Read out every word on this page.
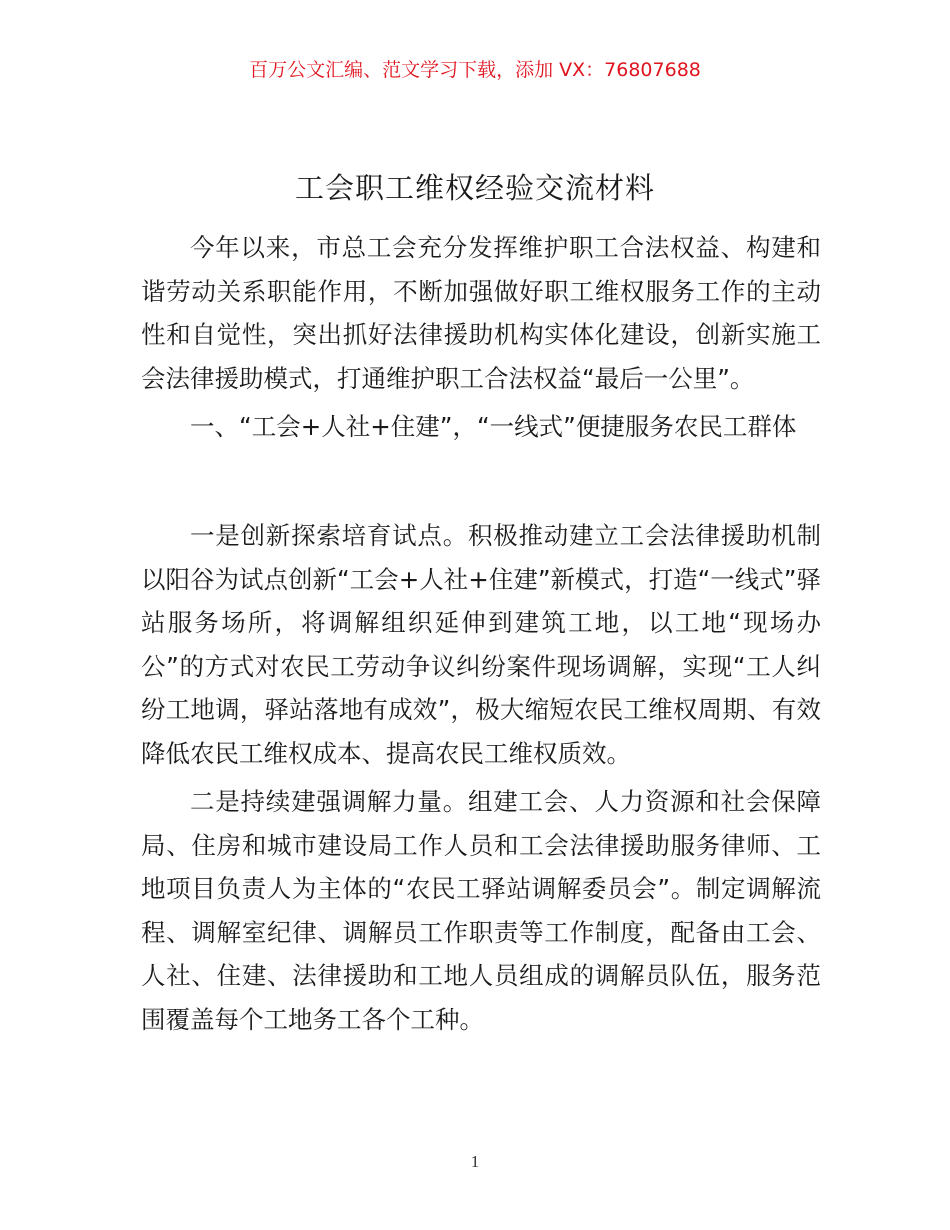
百万公文汇编、范文学习下载，添加 VX：76807688
工会职工维权经验交流材料

今年以来，市总工会充分发挥维护职工合法权益、构建和谐劳动关系职能作用，不断加强做好职工维权服务工作的主动性和自觉性，突出抓好法律援助机构实体化建设，创新实施工会法律援助模式，打通维护职工合法权益“最后一公里”。

一、“工会+人社+住建”，“一线式”便捷服务农民工群体

一是创新探索培育试点。积极推动建立工会法律援助机制以阳谷为试点创新“工会+人社+住建”新模式，打造“一线式”驿站服务场所，将调解组织延伸到建筑工地，以工地“现场办公”的方式对农民工劳动争议纠纷案件现场调解，实现“工人纠纷工地调，驿站落地有成效”，极大缩短农民工维权周期、有效降低农民工维权成本、提高农民工维权质效。

二是持续建强调解力量。组建工会、人力资源和社会保障局、住房和城市建设局工作人员和工会法律援助服务律师、工地项目负责人为主体的“农民工驿站调解委员会”。制定调解流程、调解室纪律、调解员工作职责等工作制度，配备由工会、人社、住建、法律援助和工地人员组成的调解员队伍，服务范围覆盖每个工地务工各个工种。

1
